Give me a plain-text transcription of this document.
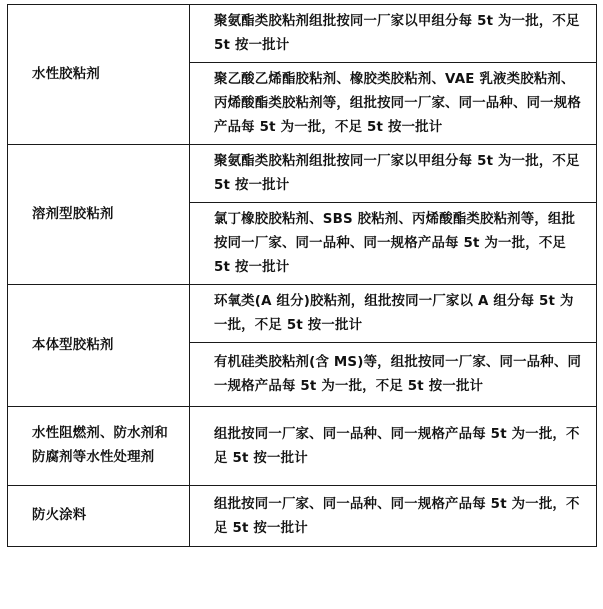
水性胶粘剂	聚氨酯类胶粘剂组批按同一厂家以甲组分每 5t 为一批，不足 5t 按一批计
	聚乙酸乙烯酯胶粘剂、橡胶类胶粘剂、VAE 乳液类胶粘剂、丙烯酸酯类胶粘剂等，组批按同一厂家、同一品种、同一规格产品每 5t 为一批，不足 5t 按一批计
溶剂型胶粘剂	聚氨酯类胶粘剂组批按同一厂家以甲组分每 5t 为一批，不足 5t 按一批计
	氯丁橡胶胶粘剂、SBS 胶粘剂、丙烯酸酯类胶粘剂等，组批按同一厂家、同一品种、同一规格产品每 5t 为一批，不足 5t 按一批计
本体型胶粘剂	环氧类(A 组分)胶粘剂，组批按同一厂家以 A 组分每 5t 为一批，不足 5t 按一批计
	有机硅类胶粘剂(含 MS)等，组批按同一厂家、同一品种、同一规格产品每 5t 为一批，不足 5t 按一批计
水性阻燃剂、防水剂和防腐剂等水性处理剂	组批按同一厂家、同一品种、同一规格产品每 5t 为一批，不足 5t 按一批计
防火涂料	组批按同一厂家、同一品种、同一规格产品每 5t 为一批，不足 5t 按一批计
